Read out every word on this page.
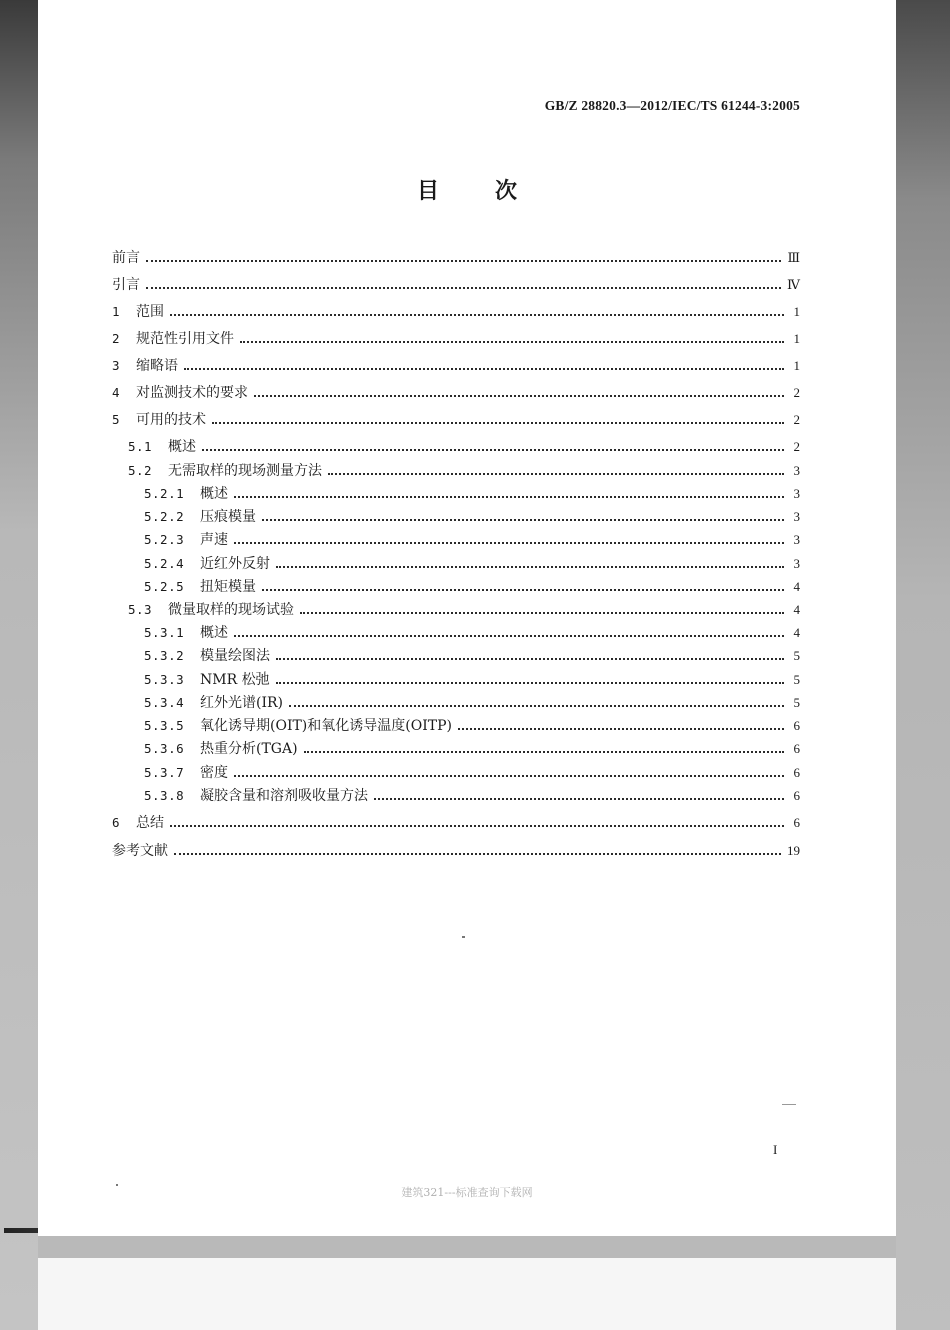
GB/Z 28820.3—2012/IEC/TS 61244-3:2005
目	次
前言	Ⅲ
引言	Ⅳ
1	范围	1
2	规范性引用文件	1
3	缩略语	1
4	对监测技术的要求	2
5	可用的技术	2
5.1	概述	2
5.2	无需取样的现场测量方法	3
5.2.1	概述	3
5.2.2	压痕模量	3
5.2.3	声速	3
5.2.4	近红外反射	3
5.2.5	扭矩模量	4
5.3	微量取样的现场试验	4
5.3.1	概述	4
5.3.2	模量绘图法	5
5.3.3	NMR 松弛	5
5.3.4	红外光谱(IR)	5
5.3.5	氧化诱导期(OIT)和氧化诱导温度(OITP)	6
5.3.6	热重分析(TGA)	6
5.3.7	密度	6
5.3.8	凝胶含量和溶剂吸收量方法	6
6	总结	6
参考文献	19
I
建筑321---标准查询下载网
